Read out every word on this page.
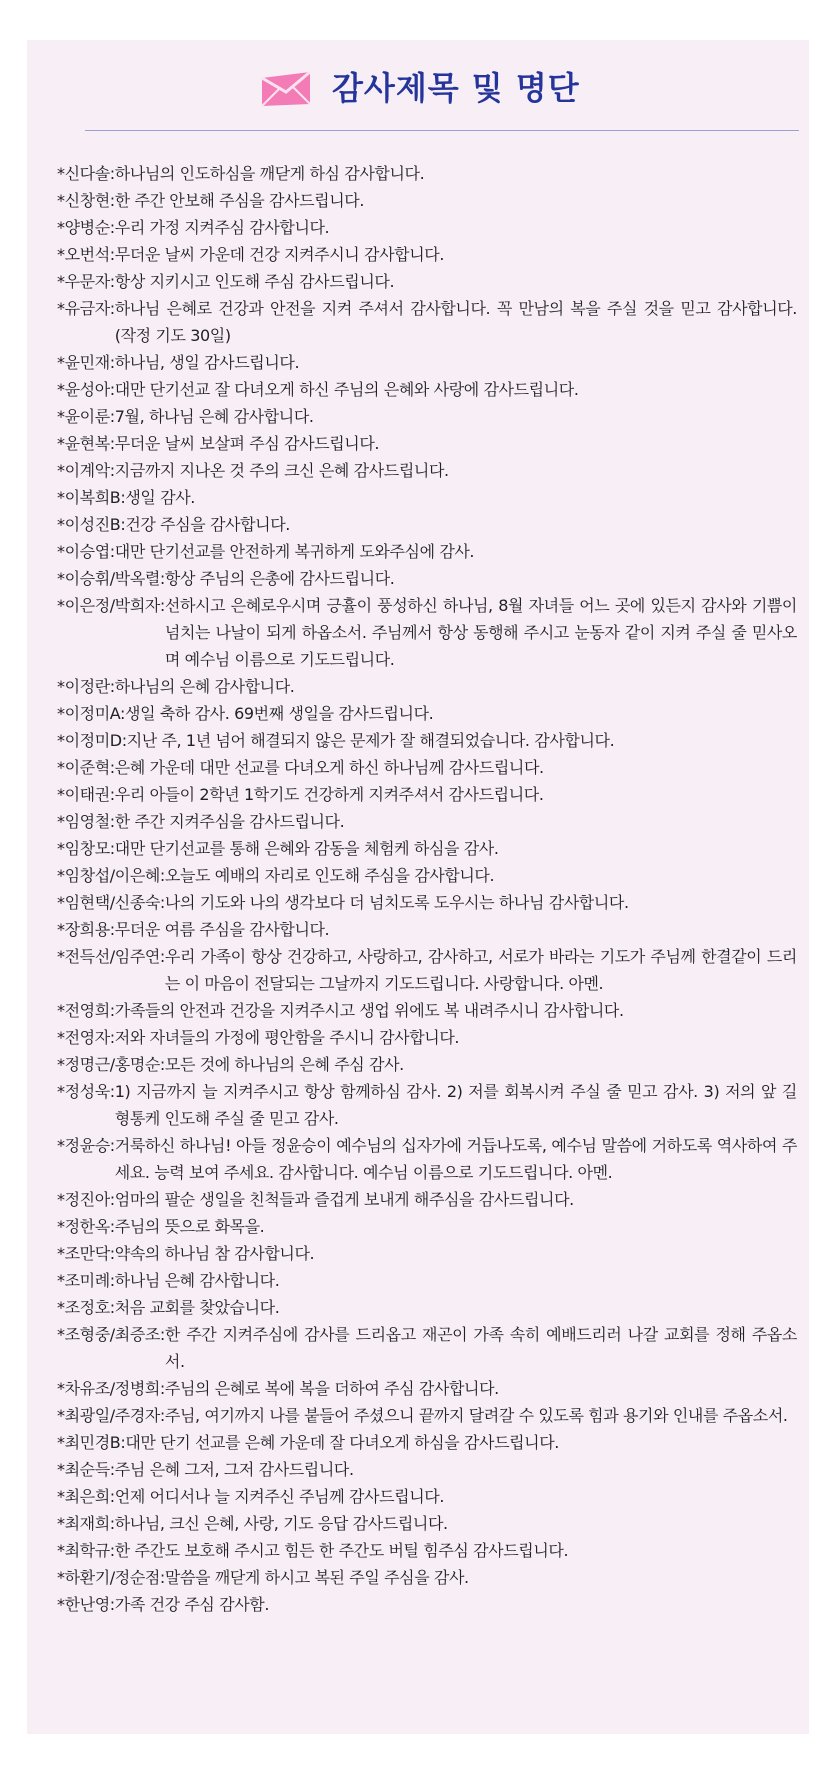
감사제목 및 명단
*신다솔: 하나님의 인도하심을 깨닫게 하심 감사합니다.
*신창현: 한 주간 안보해 주심을 감사드립니다.
*양병순: 우리 가정 지켜주심 감사합니다.
*오번석: 무더운 날씨 가운데 건강 지켜주시니 감사합니다.
*우문자: 항상 지키시고 인도해 주심 감사드립니다.
*유금자: 하나님 은혜로 건강과 안전을 지켜 주셔서 감사합니다. 꼭 만남의 복을 주실 것을 믿고 감사합니다. (작정 기도 30일)
*윤민재: 하나님, 생일 감사드립니다.
*윤성아: 대만 단기선교 잘 다녀오게 하신 주님의 은혜와 사랑에 감사드립니다.
*윤이룬: 7월, 하나님 은혜 감사합니다.
*윤현복: 무더운 날씨 보살펴 주심 감사드립니다.
*이계악: 지금까지 지나온 것 주의 크신 은혜 감사드립니다.
*이복희B: 생일 감사.
*이성진B: 건강 주심을 감사합니다.
*이승엽: 대만 단기선교를 안전하게 복귀하게 도와주심에 감사.
*이승휘/박옥렬: 항상 주님의 은총에 감사드립니다.
*이은정/박희자: 선하시고 은혜로우시며 긍휼이 풍성하신 하나님, 8월 자녀들 어느 곳에 있든지 감사와 기쁨이 넘치는 나날이 되게 하옵소서. 주님께서 항상 동행해 주시고 눈동자 같이 지켜 주실 줄 믿사오며 예수님 이름으로 기도드립니다.
*이정란: 하나님의 은혜 감사합니다.
*이정미A: 생일 축하 감사. 69번째 생일을 감사드립니다.
*이정미D: 지난 주, 1년 넘어 해결되지 않은 문제가 잘 해결되었습니다. 감사합니다.
*이준혁: 은혜 가운데 대만 선교를 다녀오게 하신 하나님께 감사드립니다.
*이태권: 우리 아들이 2학년 1학기도 건강하게 지켜주셔서 감사드립니다.
*임영철: 한 주간 지켜주심을 감사드립니다.
*임창모: 대만 단기선교를 통해 은혜와 감동을 체험케 하심을 감사.
*임창섭/이은혜: 오늘도 예배의 자리로 인도해 주심을 감사합니다.
*임현택/신종숙: 나의 기도와 나의 생각보다 더 넘치도록 도우시는 하나님 감사합니다.
*장희용: 무더운 여름 주심을 감사합니다.
*전득선/임주연: 우리 가족이 항상 건강하고, 사랑하고, 감사하고, 서로가 바라는 기도가 주님께 한결같이 드리는 이 마음이 전달되는 그날까지 기도드립니다. 사랑합니다. 아멘.
*전영희: 가족들의 안전과 건강을 지켜주시고 생업 위에도 복 내려주시니 감사합니다.
*전영자: 저와 자녀들의 가정에 평안함을 주시니 감사합니다.
*정명근/홍명순: 모든 것에 하나님의 은혜 주심 감사.
*정성욱: 1) 지금까지 늘 지켜주시고 항상 함께하심 감사. 2) 저를 회복시켜 주실 줄 믿고 감사. 3) 저의 앞 길 형통케 인도해 주실 줄 믿고 감사.
*정윤승: 거룩하신 하나님! 아들 정윤승이 예수님의 십자가에 거듭나도록, 예수님 말씀에 거하도록 역사하여 주세요. 능력 보여 주세요. 감사합니다. 예수님 이름으로 기도드립니다. 아멘.
*정진아: 엄마의 팔순 생일을 친척들과 즐겁게 보내게 해주심을 감사드립니다.
*정한옥: 주님의 뜻으로 화목을.
*조만닥: 약속의 하나님 참 감사합니다.
*조미례: 하나님 은혜 감사합니다.
*조정호: 처음 교회를 찾았습니다.
*조형중/최증조: 한 주간 지켜주심에 감사를 드리옵고 재곤이 가족 속히 예배드리러 나갈 교회를 정해 주옵소서.
*차유조/정병희: 주님의 은혜로 복에 복을 더하여 주심 감사합니다.
*최광일/주경자: 주님, 여기까지 나를 붙들어 주셨으니 끝까지 달려갈 수 있도록 힘과 용기와 인내를 주옵소서.
*최민경B: 대만 단기 선교를 은혜 가운데 잘 다녀오게 하심을 감사드립니다.
*최순득: 주님 은혜 그저, 그저 감사드립니다.
*최은희: 언제 어디서나 늘 지켜주신 주님께 감사드립니다.
*최재희: 하나님, 크신 은혜, 사랑, 기도 응답 감사드립니다.
*최학규: 한 주간도 보호해 주시고 힘든 한 주간도 버틸 힘주심 감사드립니다.
*하환기/정순점: 말씀을 깨닫게 하시고 복된 주일 주심을 감사.
*한난영: 가족 건강 주심 감사함.
